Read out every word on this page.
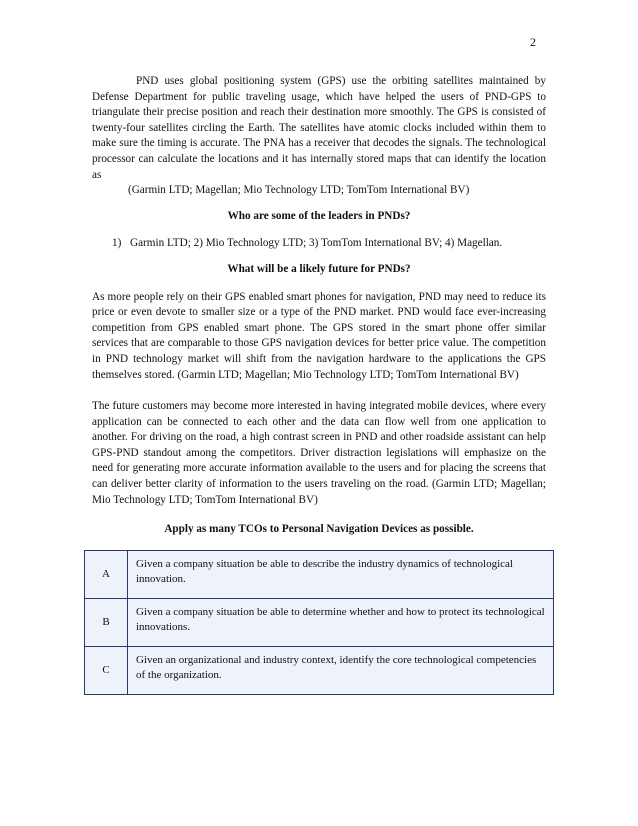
2

PND uses global positioning system (GPS) use the orbiting satellites maintained by Defense Department for public traveling usage, which have helped the users of PND-GPS to triangulate their precise position and reach their destination more smoothly. The GPS is consisted of twenty-four satellites circling the Earth. The satellites have atomic clocks included within them to make sure the timing is accurate. The PNA has a receiver that decodes the signals. The technological processor can calculate the locations and it has internally stored maps that can identify the location as

(Garmin LTD; Magellan; Mio Technology LTD; TomTom International BV)

Who are some of the leaders in PNDs?

1) Garmin LTD; 2) Mio Technology LTD; 3) TomTom International BV; 4) Magellan.

What will be a likely future for PNDs?

As more people rely on their GPS enabled smart phones for navigation, PND may need to reduce its price or even devote to smaller size or a type of the PND market. PND would face ever-increasing competition from GPS enabled smart phone. The GPS stored in the smart phone offer similar services that are comparable to those GPS navigation devices for better price value. The competition in PND technology market will shift from the navigation hardware to the applications the GPS themselves stored. (Garmin LTD; Magellan; Mio Technology LTD; TomTom International BV)

The future customers may become more interested in having integrated mobile devices, where every application can be connected to each other and the data can flow well from one application to another. For driving on the road, a high contrast screen in PND and other roadside assistant can help GPS-PND standout among the competitors. Driver distraction legislations will emphasize on the need for generating more accurate information available to the users and for placing the screens that can deliver better clarity of information to the users traveling on the road. (Garmin LTD; Magellan; Mio Technology LTD; TomTom International BV)

Apply as many TCOs to Personal Navigation Devices as possible.

A	Given a company situation be able to describe the industry dynamics of technological innovation.
B	Given a company situation be able to determine whether and how to protect its technological innovations.
C	Given an organizational and industry context, identify the core technological competencies of the organization.
